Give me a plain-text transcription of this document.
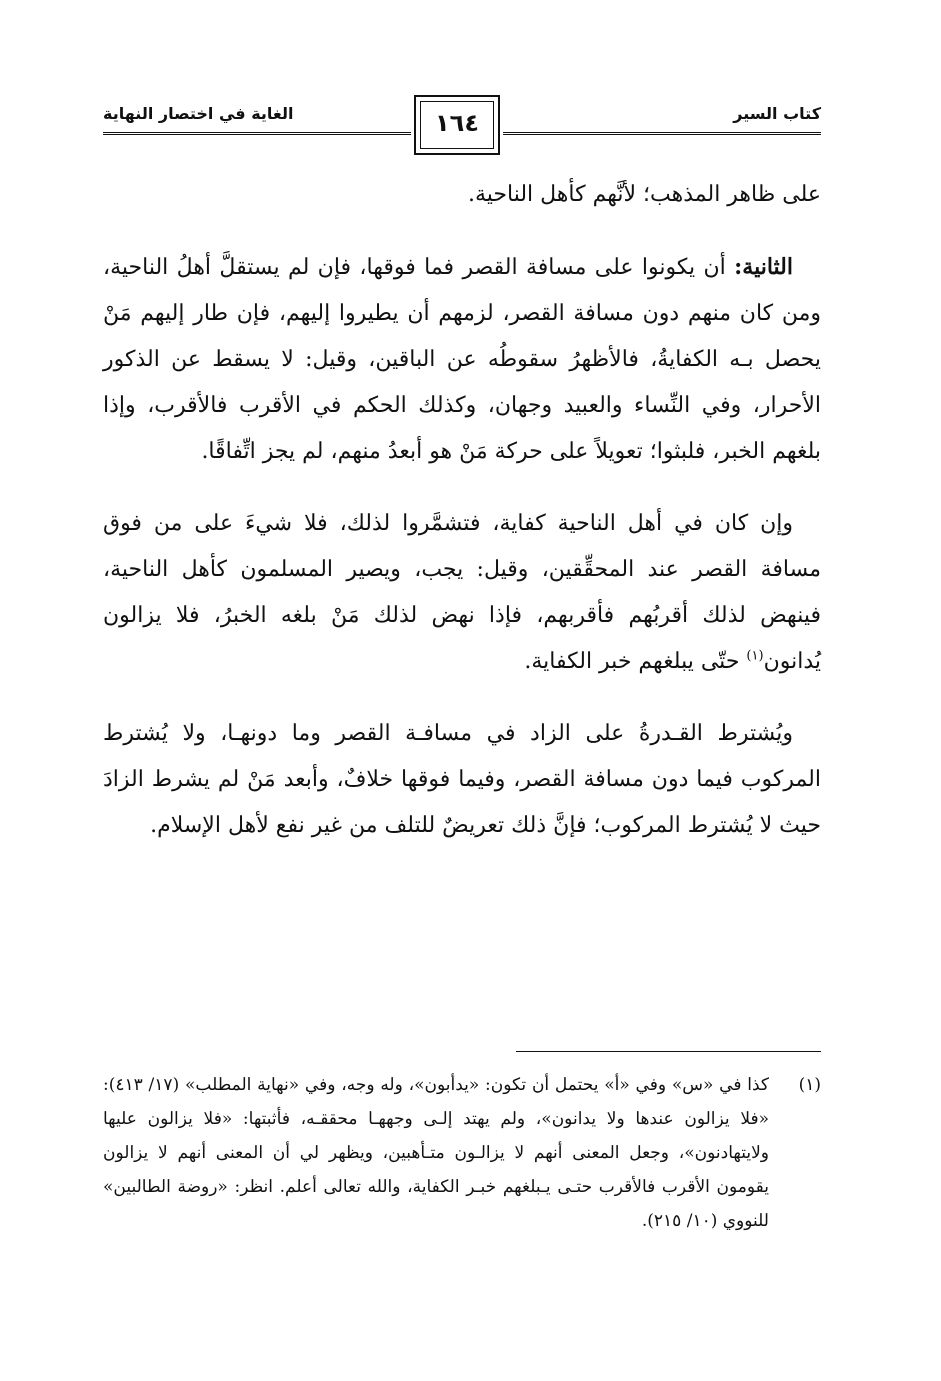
كتاب السير
الغاية في اختصار النهاية	١٦٤

على ظاهر المذهب؛ لأنَّهم كأهل الناحية.

الثانية: أن يكونوا على مسافة القصر فما فوقها، فإن لم يستقلَّ أهلُ الناحية، ومن كان منهم دون مسافة القصر، لزمهم أن يطيروا إليهم، فإن طار إليهم مَنْ يحصل بـه الكفايةُ، فالأظهرُ سقوطُه عن الباقين، وقيل: لا يسقط عن الذكور الأحرار، وفي النِّساء والعبيد وجهان، وكذلك الحكم في الأقرب فالأقرب، وإذا بلغهم الخبر، فلبثوا؛ تعويلاً على حركة مَنْ هو أبعدُ منهم، لم يجز اتِّفاقًا.

وإن كان في أهل الناحية كفاية، فتشمَّروا لذلك، فلا شيءَ على من فوق مسافة القصر عند المحقِّقين، وقيل: يجب، ويصير المسلمون كأهل الناحية، فينهض لذلك أقربُهم فأقربهم، فإذا نهض لذلك مَنْ بلغه الخبرُ، فلا يزالون يُدانون$^{(١)}$ حتّى يبلغهم خبر الكفاية.

ويُشترط القـدرةُ على الزاد في مسافـة القصر وما دونهـا، ولا يُشترط المركوب فيما دون مسافة القصر، وفيما فوقها خلافٌ، وأبعد مَنْ لم يشرط الزادَ حيث لا يُشترط المركوب؛ فإنَّ ذلك تعريضٌ للتلف من غير نفع لأهل الإسلام.

(١)
كذا في «س» وفي «أ» يحتمل أن تكون: «يدأبون»، وله وجه، وفي «نهاية المطلب» (١٧/ ٤١٣): «فلا يزالون عندها ولا يدانون»، ولم يهتد إلـى وجههـا محققـه، فأثبتها: «فلا يزالون عليها ولايتهادنون»، وجعل المعنى أنهم لا يزالـون متـأهبين، ويظهر لي أن المعنى أنهم لا يزالون يقومون الأقرب فالأقرب حتـى يـبلغهم خبـر الكفاية، والله تعالى أعلم. انظر: «روضة الطالبين» للنووي (١٠/ ٢١٥).
